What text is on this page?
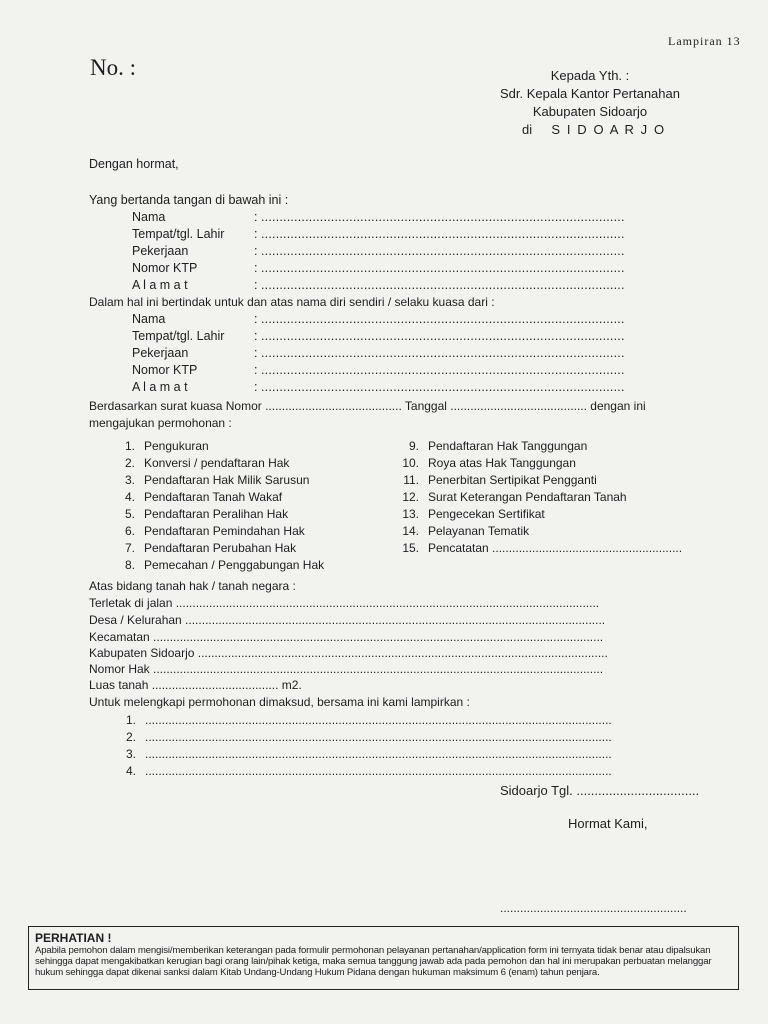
Lampiran 13
No. :	Kepada Yth. :
Sdr. Kepala Kantor Pertanahan
Kabupaten Sidoarjo
di S I D O A R J O
Dengan hormat,
Yang bertanda tangan di bawah ini :
Nama	: ...................................................................................................
Tempat/tgl. Lahir : ...................................................................................................
Pekerjaan	: ...................................................................................................
Nomor KTP	: ...................................................................................................
A l a m a t	: ...................................................................................................
Dalam hal ini bertindak untuk dan atas nama diri sendiri / selaku kuasa dari :
Nama	: ...................................................................................................
Tempat/tgl. Lahir : ...................................................................................................
Pekerjaan	: ...................................................................................................
Nomor KTP	: ...................................................................................................
A l a m a t	: ...................................................................................................
Berdasarkan surat kuasa Nomor ......................................... Tanggal ......................................... dengan ini
mengajukan permohonan :
1. Pengukuran
2. Konversi / pendaftaran Hak
3. Pendaftaran Hak Milik Sarusun
4. Pendaftaran Tanah Wakaf
5. Pendaftaran Peralihan Hak
6. Pendaftaran Pemindahan Hak
7. Pendaftaran Perubahan Hak
8. Pemecahan / Penggabungan Hak
9. Pendaftaran Hak Tanggungan
10. Roya atas Hak Tanggungan
11. Penerbitan Sertipikat Pengganti
12. Surat Keterangan Pendaftaran Tanah
13. Pengecekan Sertifikat
14. Pelayanan Tematik
15. Pencatatan .........................................................
Atas bidang tanah hak / tanah negara :
Terletak di jalan ...............................................................................................................................
Desa / Kelurahan ..............................................................................................................................
Kecamatan .......................................................................................................................................
Kabupaten Sidoarjo ...........................................................................................................................
Nomor Hak .......................................................................................................................................
Luas tanah ...................................... m2.
Untuk melengkapi permohonan dimaksud, bersama ini kami lampirkan :
1. ............................................................................................................................................
2. ............................................................................................................................................
3. ............................................................................................................................................
4. ............................................................................................................................................
Sidoarjo Tgl. ..................................
Hormat Kami,
........................................................
PERHATIAN !
Apabila pemohon dalam mengisi/memberikan keterangan pada formulir permohonan pelayanan pertanahan/application form ini ternyata tidak benar atau dipalsukan sehingga dapat mengakibatkan kerugian bagi orang lain/pihak ketiga, maka semua tanggung jawab ada pada pemohon dan hal ini merupakan perbuatan melanggar hukum sehingga dapat dikenai sanksi dalam Kitab Undang-Undang Hukum Pidana dengan hukuman maksimum 6 (enam) tahun penjara.
